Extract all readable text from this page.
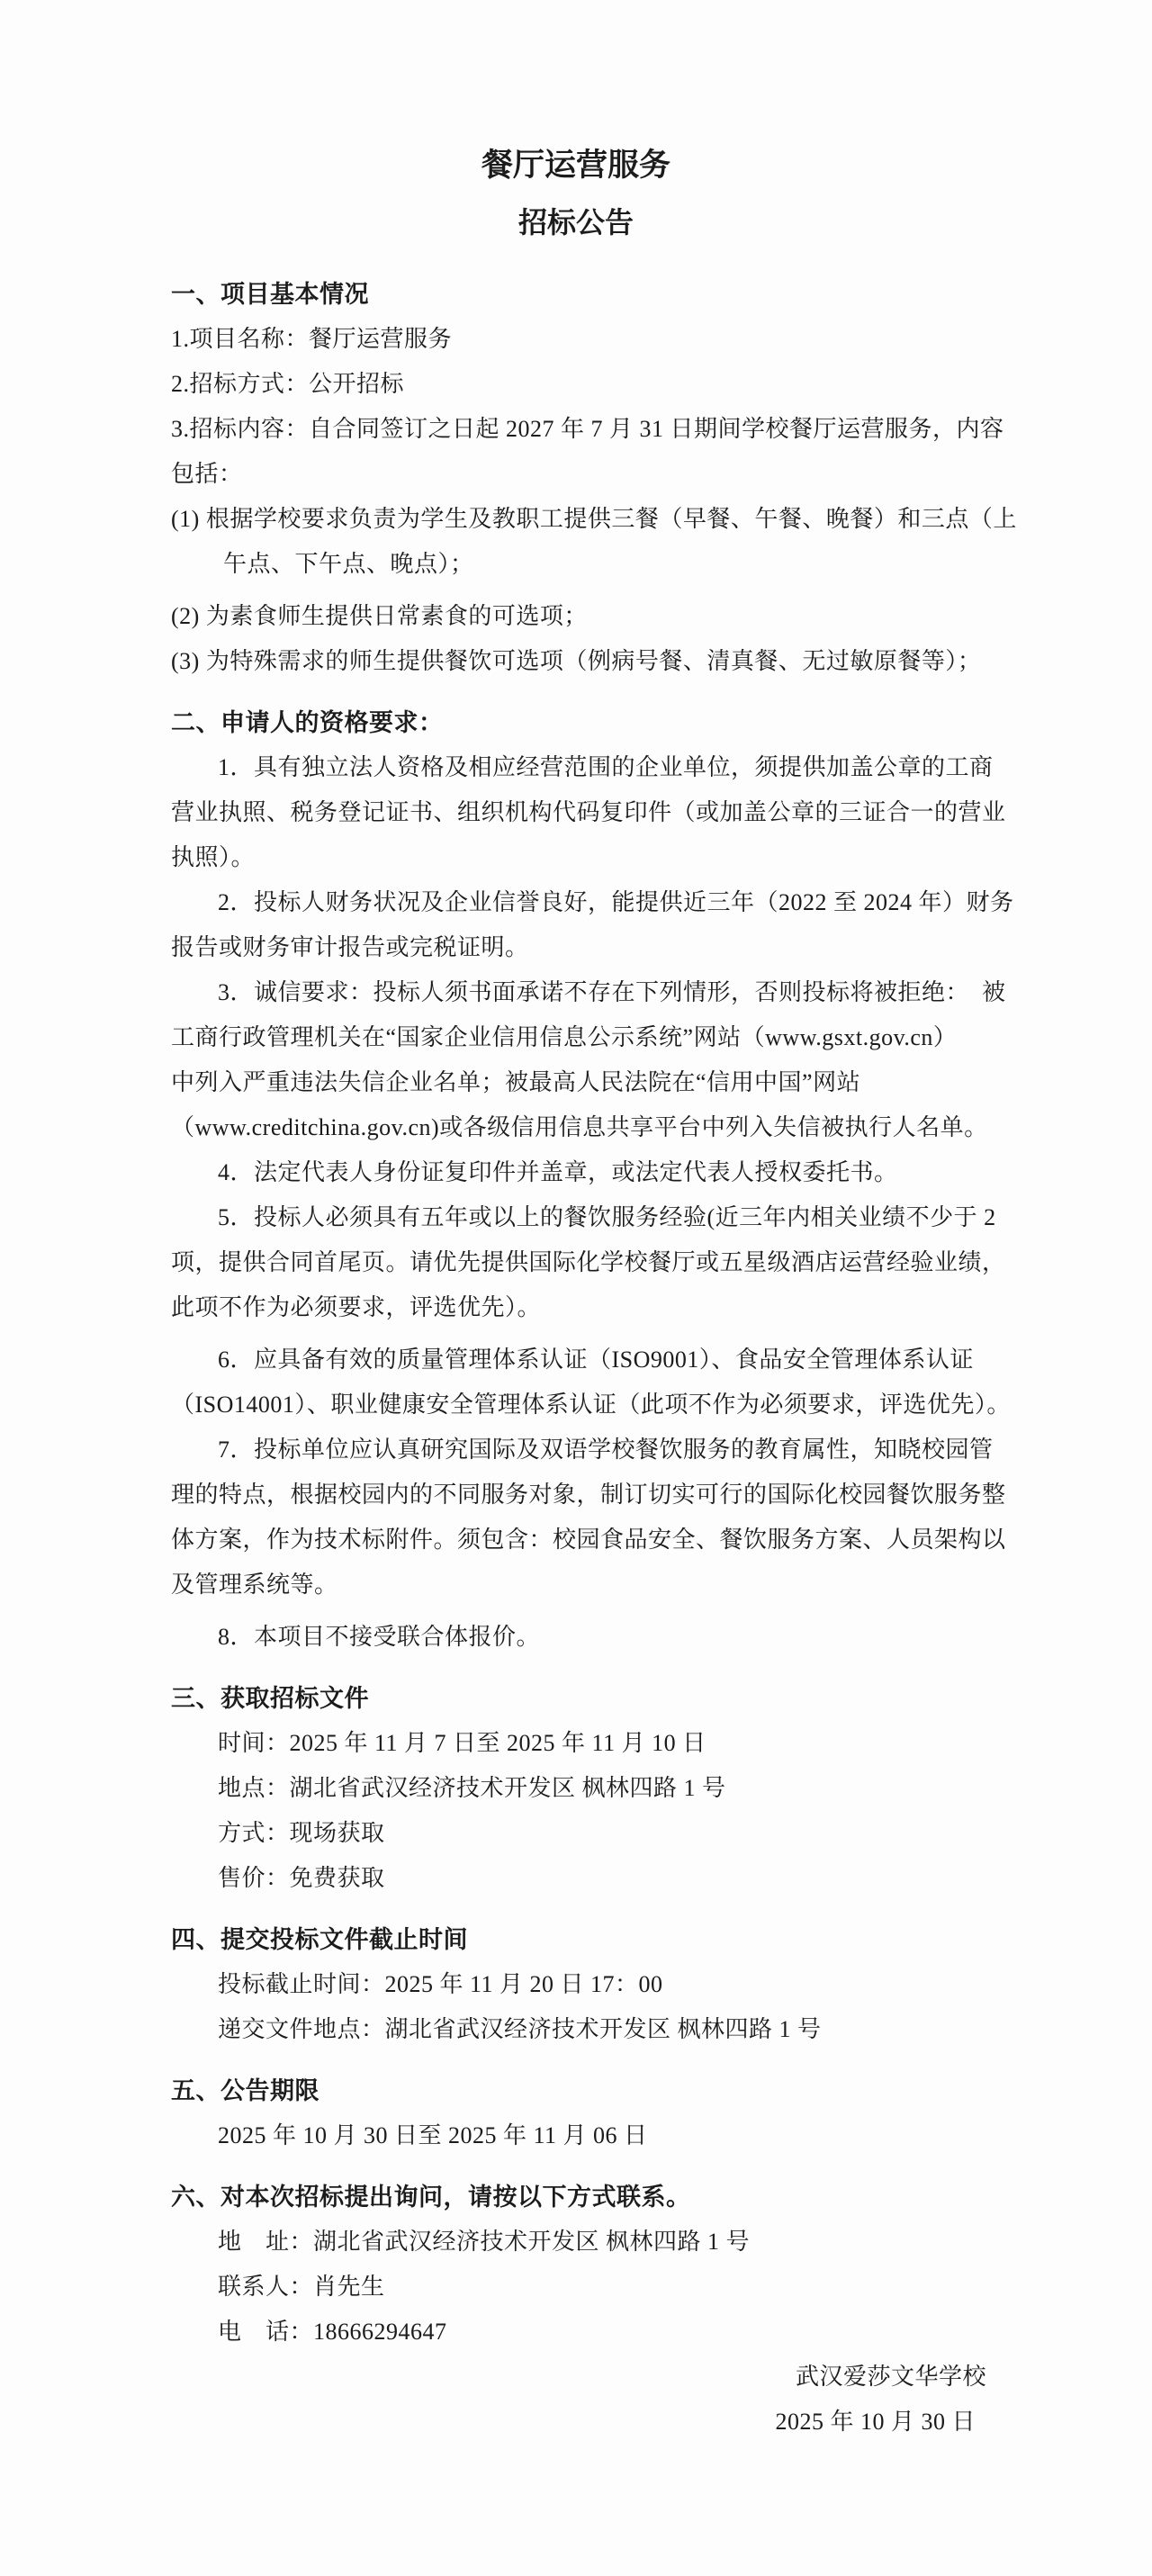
餐厅运营服务
招标公告
一、项目基本情况
1.项目名称：餐厅运营服务
2.招标方式：公开招标
3.招标内容：自合同签订之日起 2027 年 7 月 31 日期间学校餐厅运营服务，内容
包括：
(1) 根据学校要求负责为学生及教职工提供三餐（早餐、午餐、晚餐）和三点（上
午点、下午点、晚点）；
(2) 为素食师生提供日常素食的可选项；
(3) 为特殊需求的师生提供餐饮可选项（例病号餐、清真餐、无过敏原餐等）；
二、申请人的资格要求：
1．具有独立法人资格及相应经营范围的企业单位，须提供加盖公章的工商
营业执照、税务登记证书、组织机构代码复印件（或加盖公章的三证合一的营业
执照）。
2．投标人财务状况及企业信誉良好，能提供近三年（2022 至 2024 年）财务
报告或财务审计报告或完税证明。
3．诚信要求：投标人须书面承诺不存在下列情形，否则投标将被拒绝：  被
工商行政管理机关在“国家企业信用信息公示系统”网站（www.gsxt.gov.cn）
中列入严重违法失信企业名单；被最高人民法院在“信用中国”网站
（www.creditchina.gov.cn)或各级信用信息共享平台中列入失信被执行人名单。
4．法定代表人身份证复印件并盖章，或法定代表人授权委托书。
5．投标人必须具有五年或以上的餐饮服务经验(近三年内相关业绩不少于 2
项，提供合同首尾页。请优先提供国际化学校餐厅或五星级酒店运营经验业绩，
此项不作为必须要求，评选优先）。
6．应具备有效的质量管理体系认证（ISO9001）、食品安全管理体系认证
（ISO14001）、职业健康安全管理体系认证（此项不作为必须要求，评选优先）。
7．投标单位应认真研究国际及双语学校餐饮服务的教育属性，知晓校园管
理的特点，根据校园内的不同服务对象，制订切实可行的国际化校园餐饮服务整
体方案，作为技术标附件。须包含：校园食品安全、餐饮服务方案、人员架构以
及管理系统等。
8．本项目不接受联合体报价。
三、获取招标文件
时间：2025 年 11 月 7 日至 2025 年 11 月 10 日
地点：湖北省武汉经济技术开发区 枫林四路 1 号
方式：现场获取
售价：免费获取
四、提交投标文件截止时间
投标截止时间：2025 年 11 月 20 日 17：00
递交文件地点：湖北省武汉经济技术开发区 枫林四路 1 号
五、公告期限
2025 年 10 月 30 日至 2025 年 11 月 06 日
六、对本次招标提出询问，请按以下方式联系。
地　址：湖北省武汉经济技术开发区 枫林四路 1 号
联系人：肖先生
电　话：18666294647
武汉爱莎文华学校
2025 年 10 月 30 日
